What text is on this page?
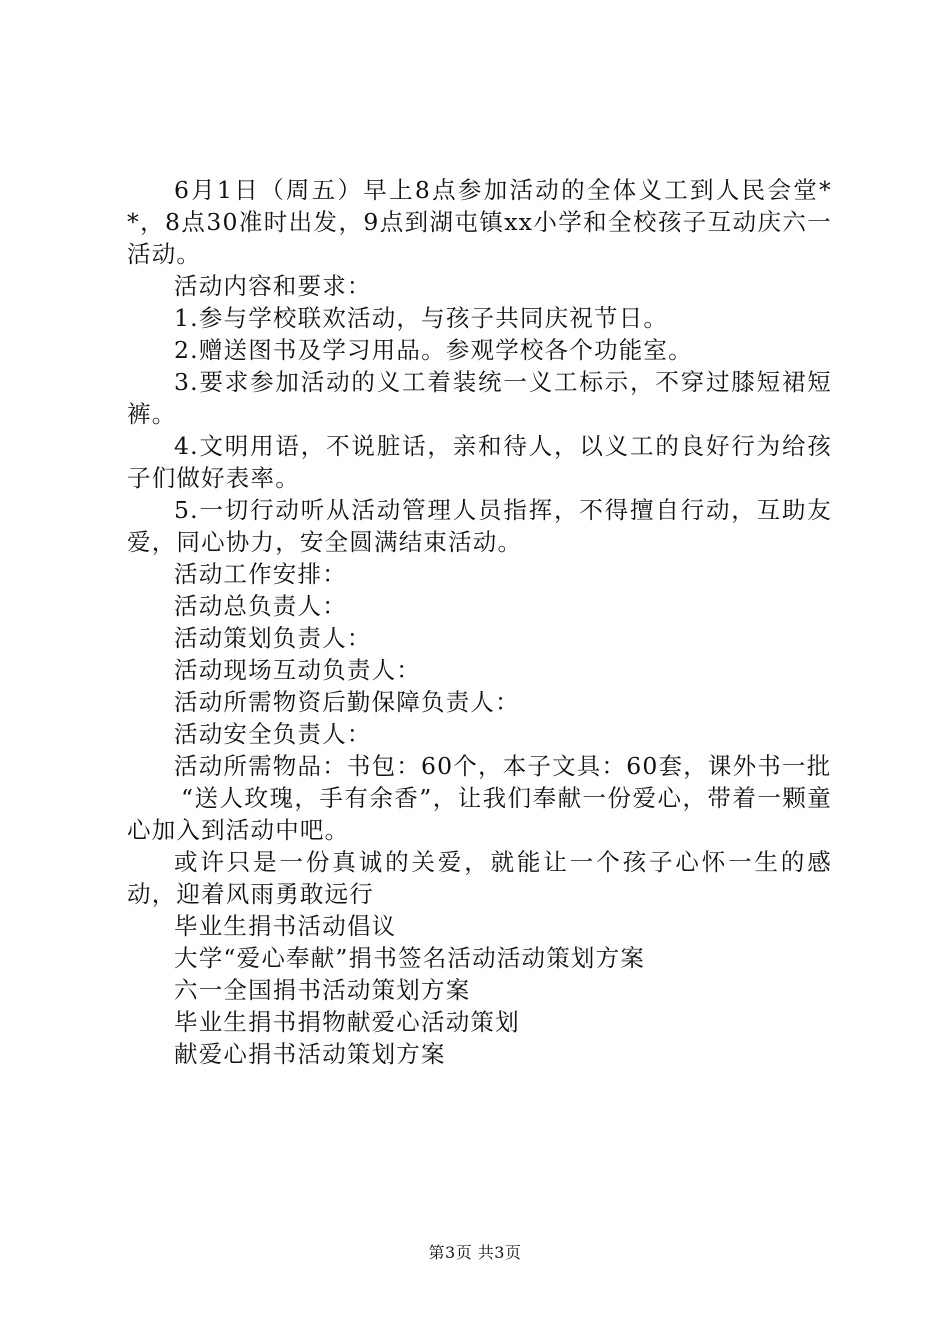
6月1日（周五）早上8点参加活动的全体义工到人民会堂**，8点30准时出发，9点到湖屯镇xx小学和全校孩子互动庆六一活动。

活动内容和要求：

1.参与学校联欢活动，与孩子共同庆祝节日。

2.赠送图书及学习用品。参观学校各个功能室。

3.要求参加活动的义工着装统一义工标示，不穿过膝短裙短裤。

4.文明用语，不说脏话，亲和待人，以义工的良好行为给孩子们做好表率。

5.一切行动听从活动管理人员指挥，不得擅自行动，互助友爱，同心协力，安全圆满结束活动。

活动工作安排：

活动总负责人：

活动策划负责人：

活动现场互动负责人：

活动所需物资后勤保障负责人：

活动安全负责人：

活动所需物品：书包：60个，本子文具：60套，课外书一批

“送人玫瑰，手有余香”，让我们奉献一份爱心，带着一颗童心加入到活动中吧。

或许只是一份真诚的关爱，就能让一个孩子心怀一生的感动，迎着风雨勇敢远行

毕业生捐书活动倡议

大学“爱心奉献”捐书签名活动活动策划方案

六一全国捐书活动策划方案

毕业生捐书捐物献爱心活动策划

献爱心捐书活动策划方案

第3页 共3页
